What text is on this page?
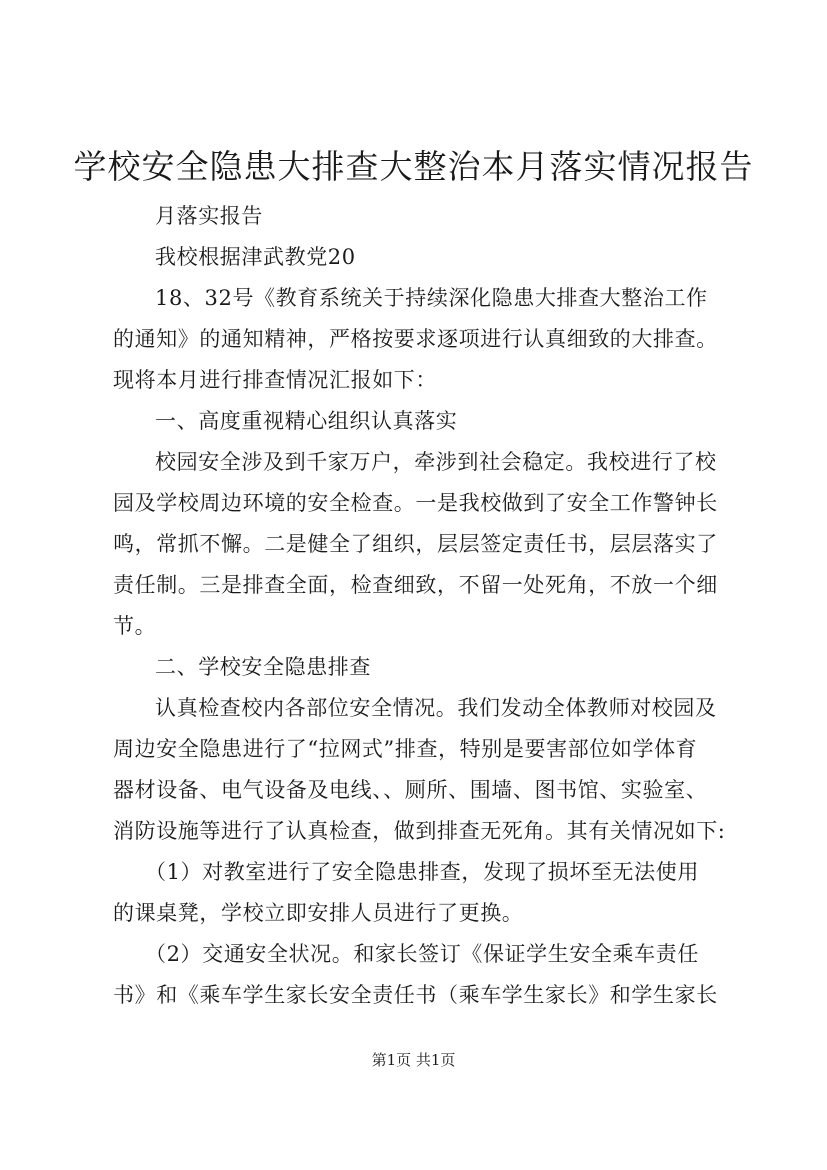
学校安全隐患大排查大整治本月落实情况报告
月落实报告
我校根据津武教党20
18、32号《教育系统关于持续深化隐患大排查大整治工作
的通知》的通知精神，严格按要求逐项进行认真细致的大排查。
现将本月进行排查情况汇报如下：
一、高度重视精心组织认真落实
校园安全涉及到千家万户，牵涉到社会稳定。我校进行了校
园及学校周边环境的安全检查。一是我校做到了安全工作警钟长
鸣，常抓不懈。二是健全了组织，层层签定责任书，层层落实了
责任制。三是排查全面，检查细致，不留一处死角，不放一个细
节。
二、学校安全隐患排查
认真检查校内各部位安全情况。我们发动全体教师对校园及
周边安全隐患进行了“拉网式”排查，特别是要害部位如学体育
器材设备、电气设备及电线、、厕所、围墙、图书馆、实验室、
消防设施等进行了认真检查，做到排查无死角。其有关情况如下:
（1）对教室进行了安全隐患排查，发现了损坏至无法使用
的课桌凳，学校立即安排人员进行了更换。
（2）交通安全状况。和家长签订《保证学生安全乘车责任
书》和《乘车学生家长安全责任书（乘车学生家长》和学生家长
第1页 共1页
